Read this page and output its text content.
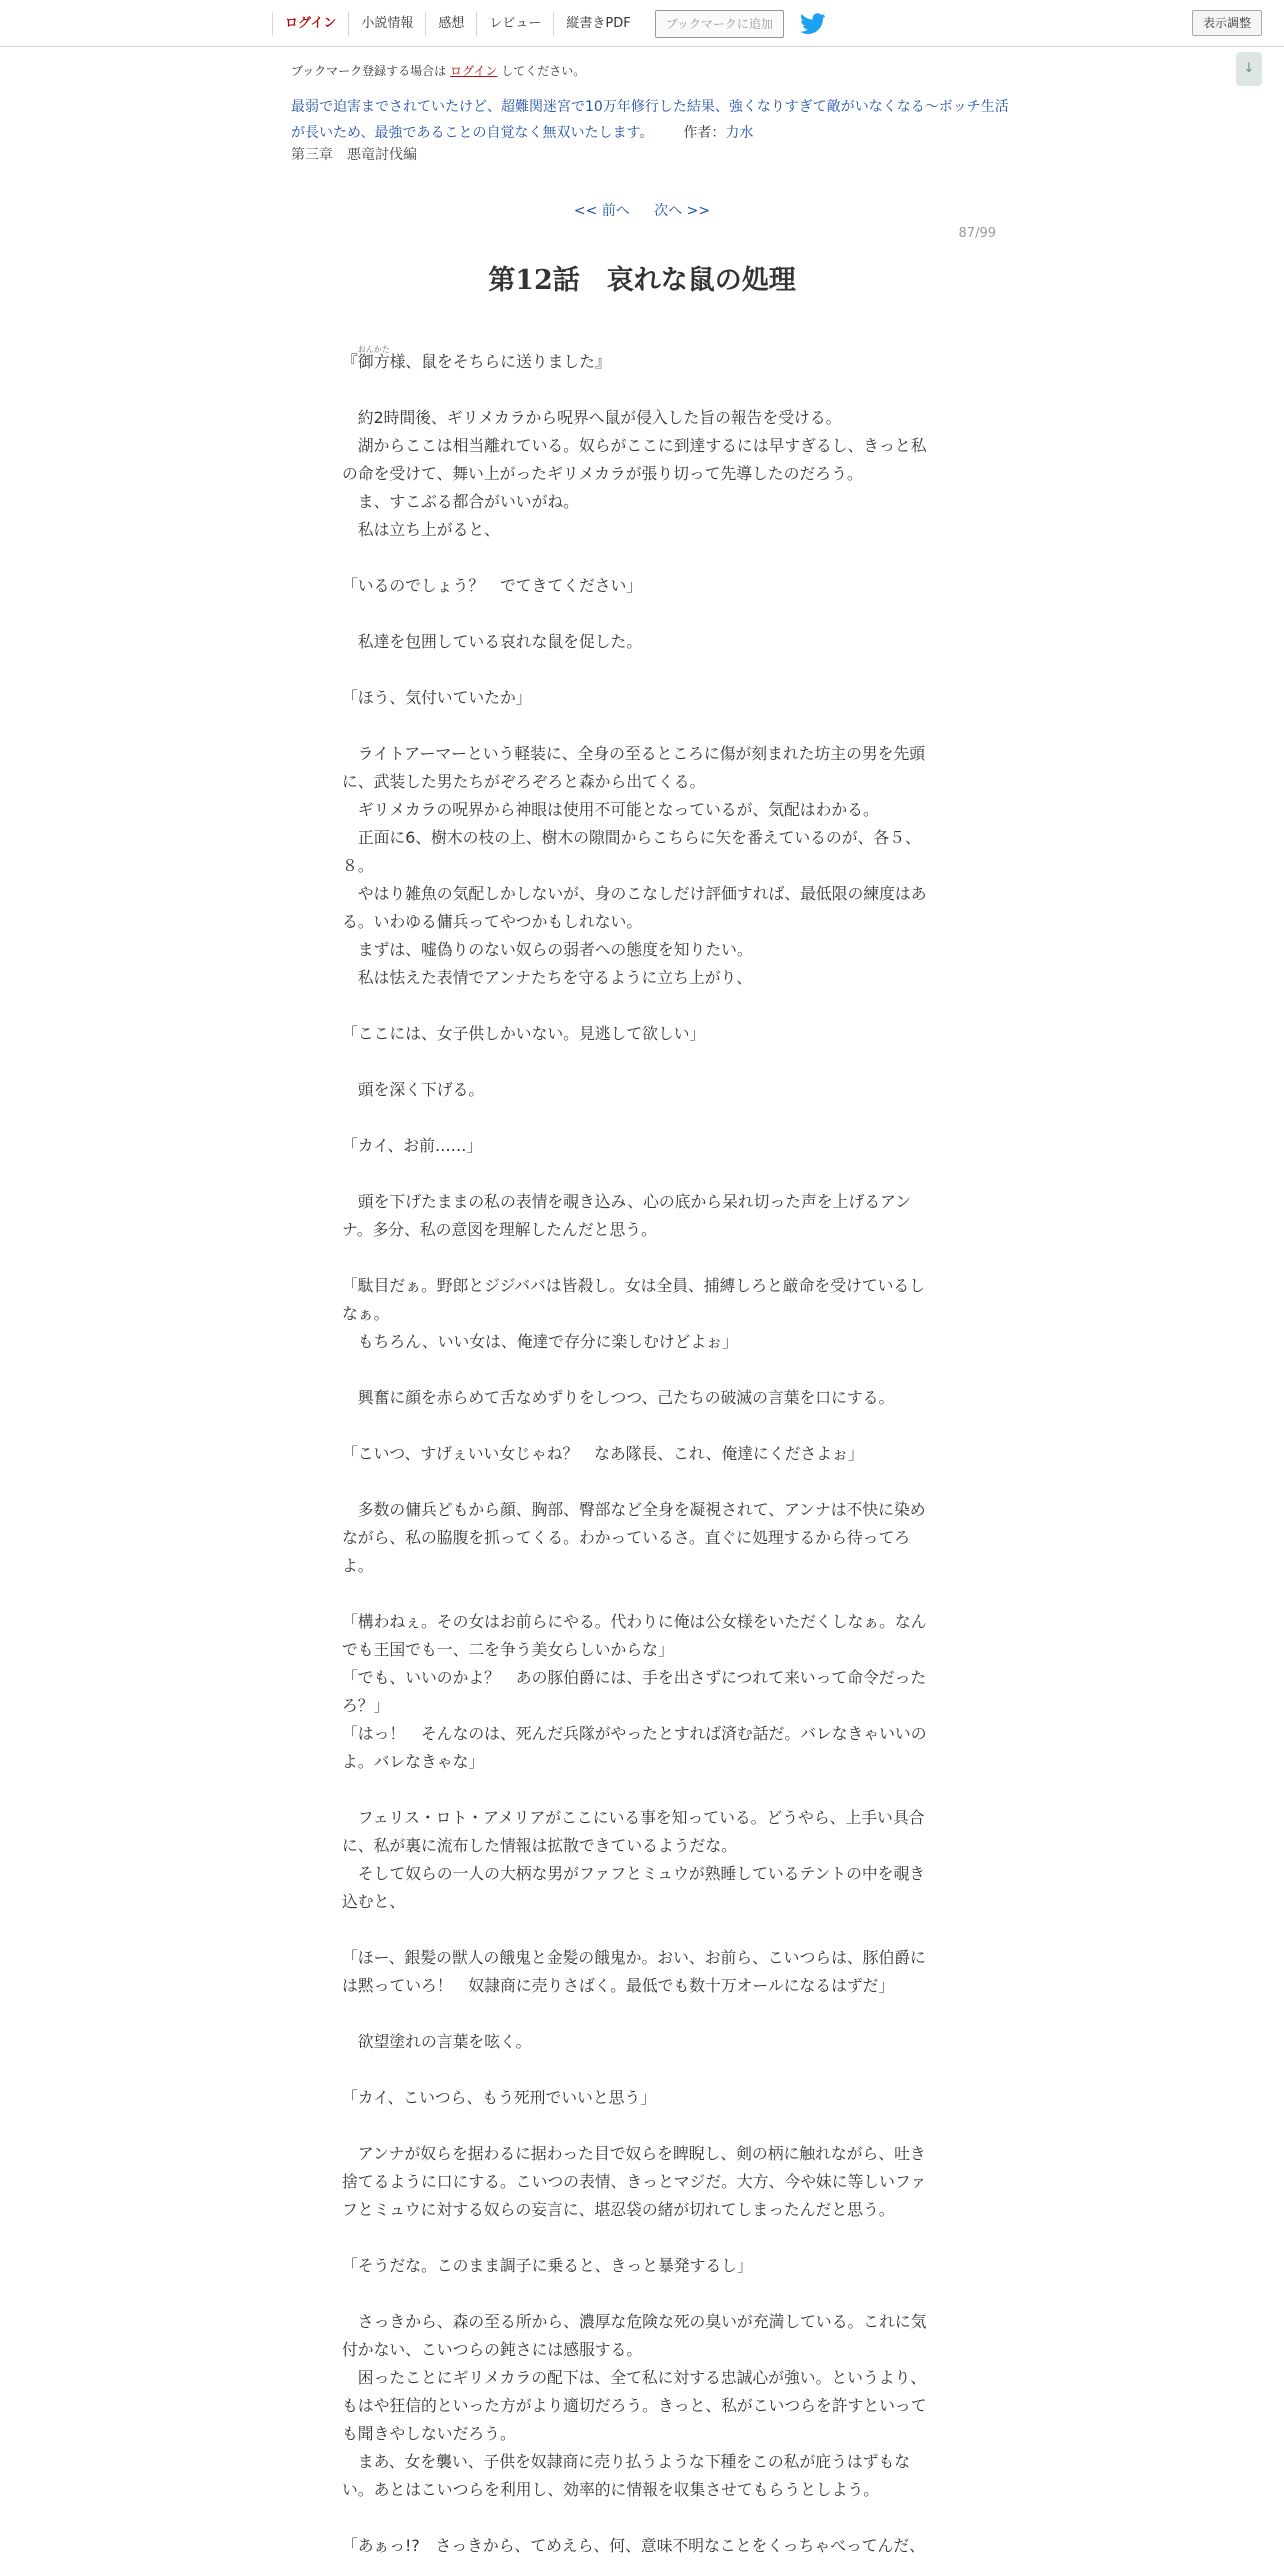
ログイン	小説情報	感想	レビュー	縦書きPDF	ブックマークに追加	表示調整
↓
ブックマーク登録する場合は ログイン してください。
最弱で迫害までされていたけど、超難関迷宮で10万年修行した結果、強くなりすぎて敵がいなくなる～ボッチ生活が長いため、最強であることの自覚なく無双いたします。 作者：力水
第三章　悪竜討伐編
<< 前へ 次へ >>
87/99
第12話　哀れな鼠の処理

『御方おんかた様、鼠をそちらに送りました』

　約2時間後、ギリメカラから呪界へ鼠が侵入した旨の報告を受ける。

　湖からここは相当離れている。奴らがここに到達するには早すぎるし、きっと私の命を受けて、舞い上がったギリメカラが張り切って先導したのだろう。

　ま、すこぶる都合がいいがね。

　私は立ち上がると、

「いるのでしょう？　でてきてください」

　私達を包囲している哀れな鼠を促した。

「ほう、気付いていたか」

　ライトアーマーという軽装に、全身の至るところに傷が刻まれた坊主の男を先頭に、武装した男たちがぞろぞろと森から出てくる。

　ギリメカラの呪界から神眼は使用不可能となっているが、気配はわかる。

　正面に6、樹木の枝の上、樹木の隙間からこちらに矢を番えているのが、各５、８。

　やはり雑魚の気配しかしないが、身のこなしだけ評価すれば、最低限の練度はある。いわゆる傭兵ってやつかもしれない。

　まずは、嘘偽りのない奴らの弱者への態度を知りたい。

　私は怯えた表情でアンナたちを守るように立ち上がり、

「ここには、女子供しかいない。見逃して欲しい」

　頭を深く下げる。

「カイ、お前……」

　頭を下げたままの私の表情を覗き込み、心の底から呆れ切った声を上げるアンナ。多分、私の意図を理解したんだと思う。

「駄目だぁ。野郎とジジババは皆殺し。女は全員、捕縛しろと厳命を受けているしなぁ。

　もちろん、いい女は、俺達で存分に楽しむけどよぉ」

　興奮に顔を赤らめて舌なめずりをしつつ、己たちの破滅の言葉を口にする。

「こいつ、すげぇいい女じゃね？　なあ隊長、これ、俺達にくださよぉ」

　多数の傭兵どもから顔、胸部、臀部など全身を凝視されて、アンナは不快に染めながら、私の脇腹を抓ってくる。わかっているさ。直ぐに処理するから待ってろよ。

「構わねぇ。その女はお前らにやる。代わりに俺は公女様をいただくしなぁ。なんでも王国でも一、二を争う美女らしいからな」

「でも、いいのかよ？　あの豚伯爵には、手を出さずにつれて来いって命令だったろ？」

「はっ！　そんなのは、死んだ兵隊がやったとすれば済む話だ。バレなきゃいいのよ。バレなきゃな」

　フェリス・ロト・アメリアがここにいる事を知っている。どうやら、上手い具合に、私が裏に流布した情報は拡散できているようだな。

　そして奴らの一人の大柄な男がファフとミュウが熟睡しているテントの中を覗き込むと、

「ほー、銀髪の獣人の餓鬼と金髪の餓鬼か。おい、お前ら、こいつらは、豚伯爵には黙っていろ！　奴隷商に売りさばく。最低でも数十万オールになるはずだ」

　欲望塗れの言葉を呟く。

「カイ、こいつら、もう死刑でいいと思う」

　アンナが奴らを据わるに据わった目で奴らを睥睨し、剣の柄に触れながら、吐き捨てるように口にする。こいつの表情、きっとマジだ。大方、今や妹に等しいファフとミュウに対する奴らの妄言に、堪忍袋の緒が切れてしまったんだと思う。

「そうだな。このまま調子に乗ると、きっと暴発するし」

　さっきから、森の至る所から、濃厚な危険な死の臭いが充満している。これに気付かない、こいつらの鈍さには感服する。

　困ったことにギリメカラの配下は、全て私に対する忠誠心が強い。というより、もはや狂信的といった方がより適切だろう。きっと、私がこいつらを許すといっても聞きやしないだろう。

　まあ、女を襲い、子供を奴隷商に売り払うような下種をこの私が庇うはずもない。あとはこいつらを利用し、効率的に情報を収集させてもらうとしよう。

「あぁっ!?　さっきから、てめえら、何、意味不明なことをくっちゃべってんだ、
